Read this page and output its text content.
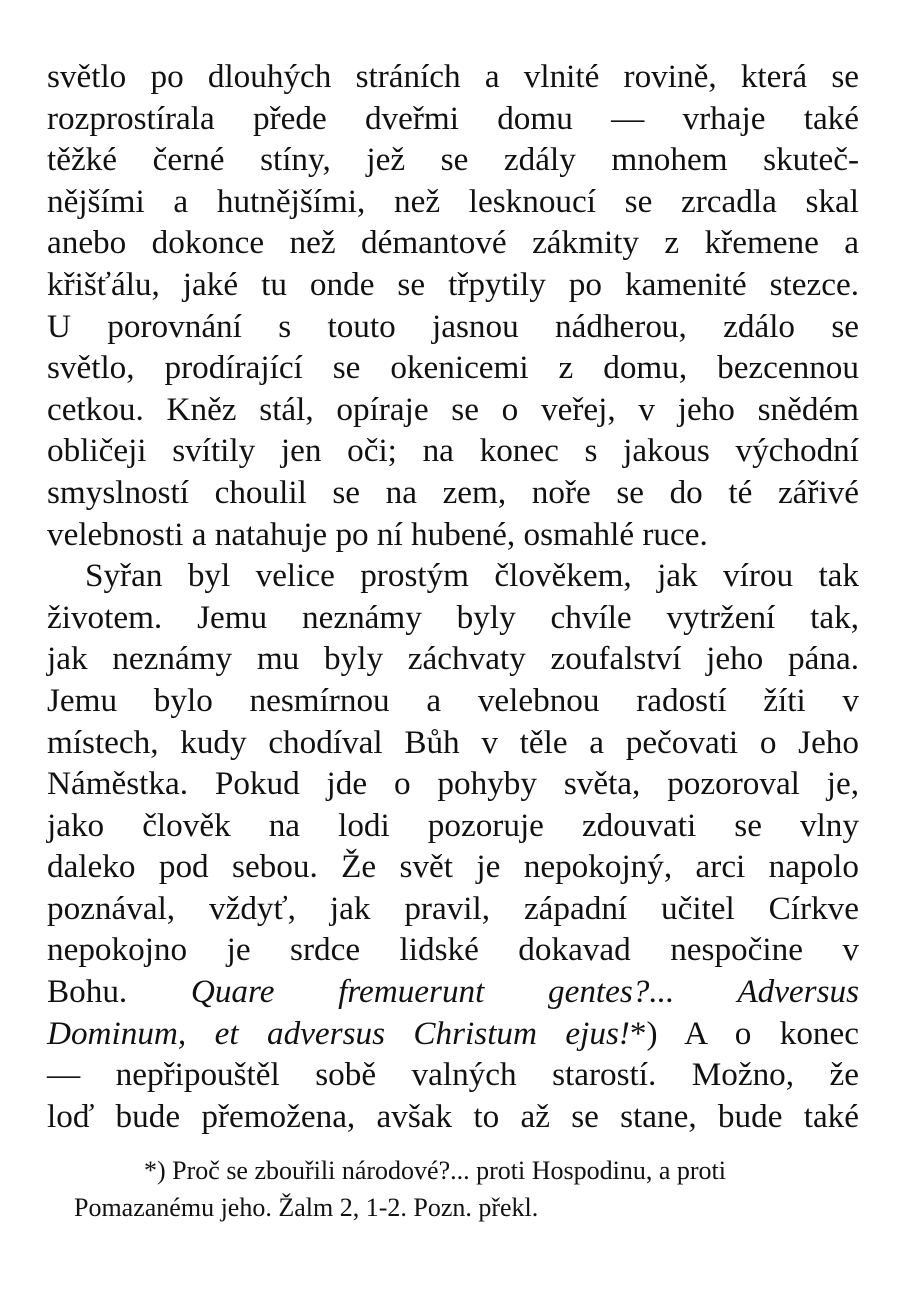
světlo po dlouhých stráních a vlnité rovině, která se
rozprostírala přede dveřmi domu — vrhaje také
těžké černé stíny, jež se zdály mnohem skuteč-
nějšími a hutnějšími, než lesknoucí se zrcadla skal
anebo dokonce než démantové zákmity z křemene a
křišťálu, jaké tu onde se třpytily po kamenité stezce.
U porovnání s touto jasnou nádherou, zdálo se
světlo, prodírající se okenicemi z domu, bezcennou
cetkou. Kněz stál, opíraje se o veřej, v jeho snědém
obličeji svítily jen oči; na konec s jakous východní
smyslností choulil se na zem, noře se do té zářivé
velebnosti a natahuje po ní hubené, osmahlé ruce.

Syřan byl velice prostým člověkem, jak vírou tak
životem. Jemu neznámy byly chvíle vytržení tak,
jak neznámy mu byly záchvaty zoufalství jeho pána.
Jemu bylo nesmírnou a velebnou radostí žíti v
místech, kudy chodíval Bůh v těle a pečovati o Jeho
Náměstka. Pokud jde o pohyby světa, pozoroval je,
jako člověk na lodi pozoruje zdouvati se vlny
daleko pod sebou. Že svět je nepokojný, arci napolo
poznával, vždyť, jak pravil, západní učitel Církve
nepokojno je srdce lidské dokavad nespočine v
Bohu. Quare fremuerunt gentes?... Adversus
Dominum, et adversus Christum ejus!*) A o konec
— nepřipouštěl sobě valných starostí. Možno, že
loď bude přemožena, avšak to až se stane, bude také

*) Proč se zbouřili národové?... proti Hospodinu, a proti
Pomazanému jeho. Žalm 2, 1-2. Pozn. překl.
